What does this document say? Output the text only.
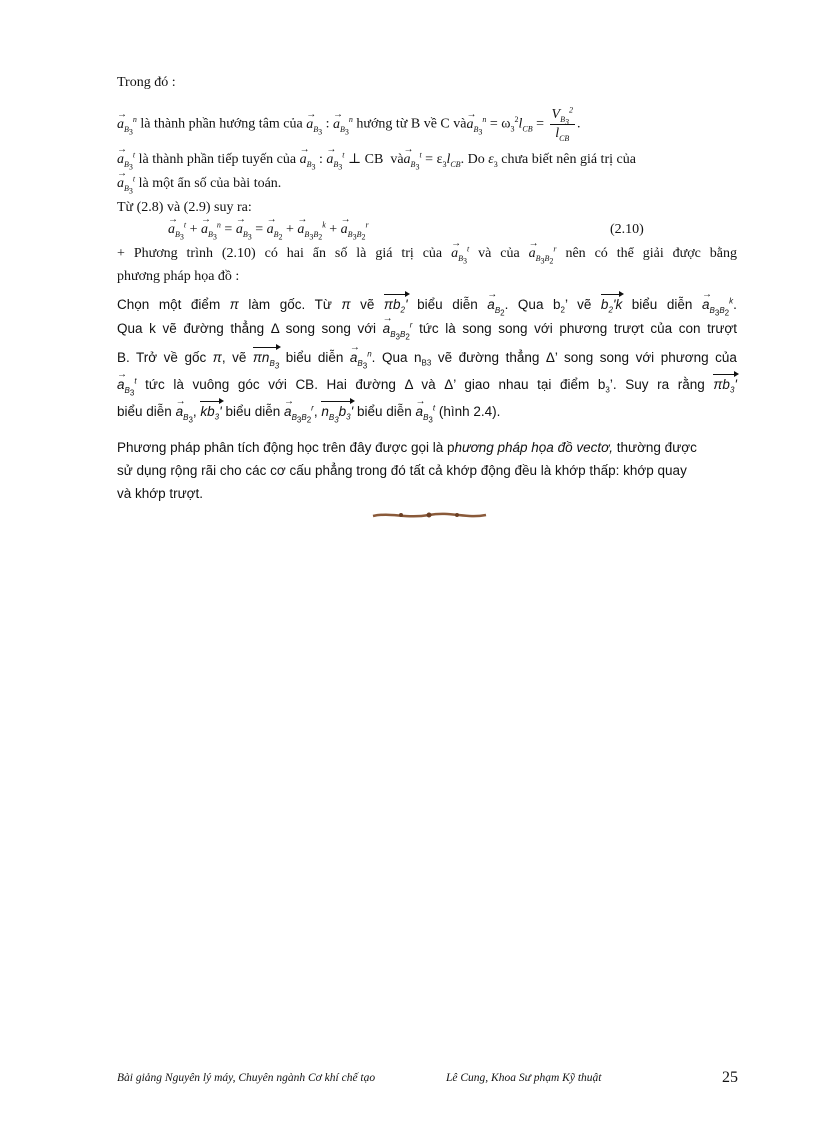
Trong đó :
→ $a_{B_3}^n$ là thành phần hướng tâm của → $a_{B_3}$ : → $a_{B_3}^n$ hướng từ B về C và→ $a_{B_3}^n = \omega_3^2l_{CB} = \frac{V_{B_3}^2}{l_{CB}}$ .
→ $a_{B_3}^t$ là thành phần tiếp tuyến của → $a_{B_3}$ : → $a_{B_3}^t$ ⊥ CB và→ $a_{B_3}^t = \varepsilon_3l_{CB}$. Do $\varepsilon_3$ chưa biết nên giá trị của
→ $a_{B_3}^t$ là một ẩn số của bài toán.
Từ (2.8) và (2.9) suy ra:
→ $a_{B_3}^t$ + → $a_{B_3}^n$ = → $a_{B_3}$ = → $a_{B_2}$ + → $a_{B_3B_2}^k$ + → $a_{B_3B_2}^r$	(2.10)
+ Phương trình (2.10) có hai ẩn số là giá trị của → $a_{B_3}^t$ và của → $a_{B_3B_2}^r$ nên có thể giải được bằng
phương pháp họa đồ :
Chọn một điểm π làm gốc. Từ π vẽ $\pi b_2'$ biểu diễn → $a_{B_2}$. Qua $b_2$’ vẽ $b_2'k$ biểu diễn → $a_{B_3B_2}^k$.
Qua k vẽ đường thẳng Δ song song với → $a_{B_3B_2}^r$ tức là song song với phương trượt của con trượt
B. Trở về gốc π, vẽ $\pi n_{B_3}$ biểu diễn → $a_{B_3}^n$. Qua $n_{B3}$ vẽ đường thẳng Δ’ song song với phương của
→ $a_{B_3}^t$ tức là vuông góc với CB. Hai đường Δ và Δ’ giao nhau tại điểm $b_3$’. Suy ra rằng $\pi b_3'$
biểu diễn → $a_{B_3}$, $kb_3'$ biểu diễn → $a_{B_3B_2}^r$, $n_{B_3}b_3'$ biểu diễn → $a_{B_3}^t$ (hình 2.4).
Phương pháp phân tích động học trên đây được gọi là phương pháp họa đồ vectơ, thường được
sử dụng rộng rãi cho các cơ cấu phẳng trong đó tất cả khớp động đều là khớp thấp: khớp quay
và khớp trượt.
Bài giảng Nguyên lý máy, Chuyên ngành Cơ khí chế tạo	Lê Cung, Khoa Sư phạm Kỹ thuật	25
